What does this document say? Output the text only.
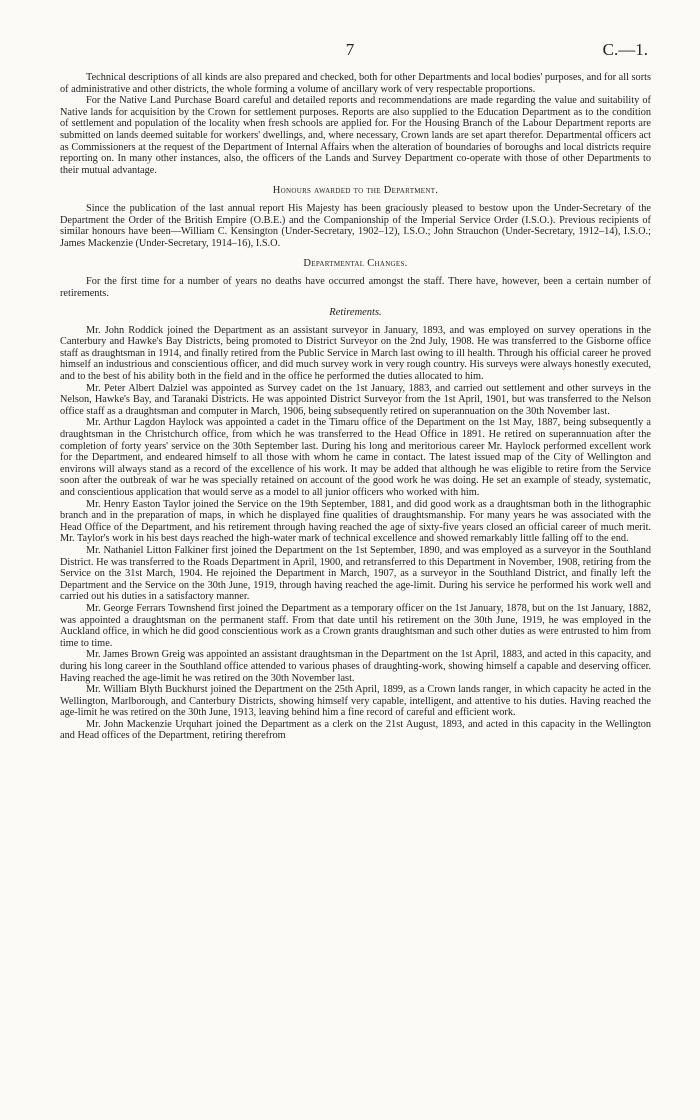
7	C.—1.

Technical descriptions of all kinds are also prepared and checked, both for other Departments and local bodies' purposes, and for all sorts of administrative and other districts, the whole forming a volume of ancillary work of very respectable proportions.

For the Native Land Purchase Board careful and detailed reports and recommendations are made regarding the value and suitability of Native lands for acquisition by the Crown for settlement purposes. Reports are also supplied to the Education Department as to the condition of settlement and population of the locality when fresh schools are applied for. For the Housing Branch of the Labour Department reports are submitted on lands deemed suitable for workers' dwellings, and, where necessary, Crown lands are set apart therefor. Departmental officers act as Commissioners at the request of the Department of Internal Affairs when the alteration of boundaries of boroughs and local districts require reporting on. In many other instances, also, the officers of the Lands and Survey Department co-operate with those of other Departments to their mutual advantage.

Honours awarded to the Department.

Since the publication of the last annual report His Majesty has been graciously pleased to bestow upon the Under-Secretary of the Department the Order of the British Empire (O.B.E.) and the Companionship of the Imperial Service Order (I.S.O.). Previous recipients of similar honours have been—William C. Kensington (Under-Secretary, 1902–12), I.S.O.; John Strauchon (Under-Secretary, 1912–14), I.S.O.; James Mackenzie (Under-Secretary, 1914–16), I.S.O.

Departmental Changes.

For the first time for a number of years no deaths have occurred amongst the staff. There have, however, been a certain number of retirements.

Retirements.

Mr. John Roddick joined the Department as an assistant surveyor in January, 1893, and was employed on survey operations in the Canterbury and Hawke's Bay Districts, being promoted to District Surveyor on the 2nd July, 1908. He was transferred to the Gisborne office staff as draughtsman in 1914, and finally retired from the Public Service in March last owing to ill health. Through his official career he proved himself an industrious and conscientious officer, and did much survey work in very rough country. His surveys were always honestly executed, and to the best of his ability both in the field and in the office he performed the duties allocated to him.

Mr. Peter Albert Dalziel was appointed as Survey cadet on the 1st January, 1883, and carried out settlement and other surveys in the Nelson, Hawke's Bay, and Taranaki Districts. He was appointed District Surveyor from the 1st April, 1901, but was transferred to the Nelson office staff as a draughtsman and computer in March, 1906, being subsequently retired on superannuation on the 30th November last.

Mr. Arthur Lagdon Haylock was appointed a cadet in the Timaru office of the Department on the 1st May, 1887, being subsequently a draughtsman in the Christchurch office, from which he was transferred to the Head Office in 1891. He retired on superannuation after the completion of forty years' service on the 30th September last. During his long and meritorious career Mr. Haylock performed excellent work for the Department, and endeared himself to all those with whom he came in contact. The latest issued map of the City of Wellington and environs will always stand as a record of the excellence of his work. It may be added that although he was eligible to retire from the Service soon after the outbreak of war he was specially retained on account of the good work he was doing. He set an example of steady, systematic, and conscientious application that would serve as a model to all junior officers who worked with him.

Mr. Henry Easton Taylor joined the Service on the 19th September, 1881, and did good work as a draughtsman both in the lithographic branch and in the preparation of maps, in which he displayed fine qualities of draughtsmanship. For many years he was associated with the Head Office of the Department, and his retirement through having reached the age of sixty-five years closed an official career of much merit. Mr. Taylor's work in his best days reached the high-water mark of technical excellence and showed remarkably little falling off to the end.

Mr. Nathaniel Litton Falkiner first joined the Department on the 1st September, 1890, and was employed as a surveyor in the Southland District. He was transferred to the Roads Department in April, 1900, and retransferred to this Department in November, 1908, retiring from the Service on the 31st March, 1904. He rejoined the Department in March, 1907, as a surveyor in the Southland District, and finally left the Department and the Service on the 30th June, 1919, through having reached the age-limit. During his service he performed his work well and carried out his duties in a satisfactory manner.

Mr. George Ferrars Townshend first joined the Department as a temporary officer on the 1st January, 1878, but on the 1st January, 1882, was appointed a draughtsman on the permanent staff. From that date until his retirement on the 30th June, 1919, he was employed in the Auckland office, in which he did good conscientious work as a Crown grants draughtsman and such other duties as were entrusted to him from time to time.

Mr. James Brown Greig was appointed an assistant draughtsman in the Department on the 1st April, 1883, and acted in this capacity, and during his long career in the Southland office attended to various phases of draughting-work, showing himself a capable and deserving officer. Having reached the age-limit he was retired on the 30th November last.

Mr. William Blyth Buckhurst joined the Department on the 25th April, 1899, as a Crown lands ranger, in which capacity he acted in the Wellington, Marlborough, and Canterbury Districts, showing himself very capable, intelligent, and attentive to his duties. Having reached the age-limit he was retired on the 30th June, 1913, leaving behind him a fine record of careful and efficient work.

Mr. John Mackenzie Urquhart joined the Department as a clerk on the 21st August, 1893, and acted in this capacity in the Wellington and Head offices of the Department, retiring therefrom
